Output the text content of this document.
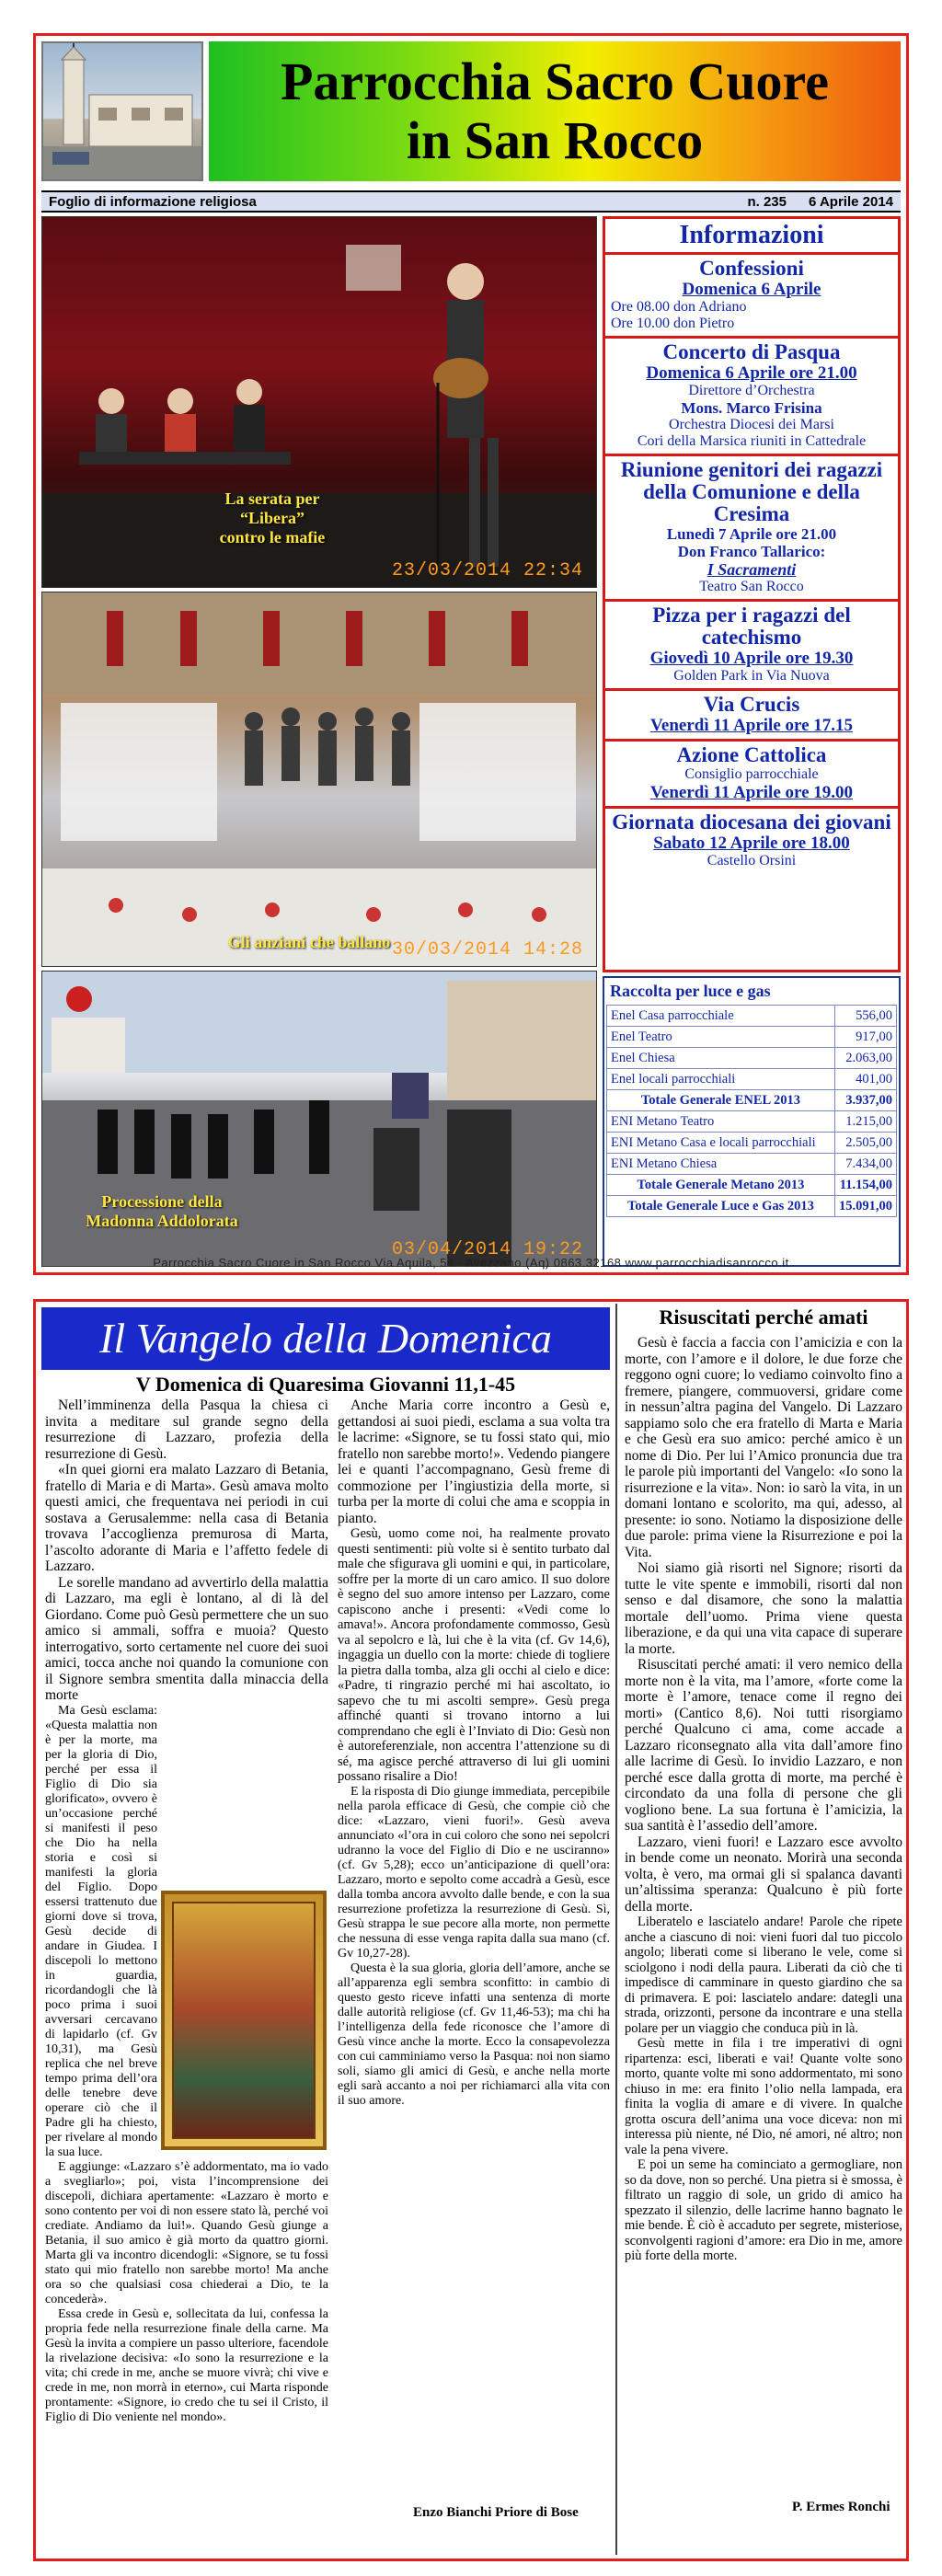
Parrocchia Sacro Cuore
in San Rocco
Foglio di informazione religiosa	n. 235 6 Aprile 2014
La serata per
“Libera”
contro le mafie
23/03/2014 22:34
Gli anziani che ballano 30/03/2014 14:28
Processione della
Madonna Addolorata
03/04/2014 19:22
Informazioni
Confessioni
Domenica 6 Aprile
Ore 08.00 don Adriano
Ore 10.00 don Pietro
Concerto di Pasqua
Domenica 6 Aprile ore 21.00
Direttore d’Orchestra
Mons. Marco Frisina
Orchestra Diocesi dei Marsi
Cori della Marsica riuniti in Cattedrale
Riunione genitori dei ragazzi della Comunione e della Cresima
Lunedì 7 Aprile ore 21.00
Don Franco Tallarico:
I Sacramenti
Teatro San Rocco
Pizza per i ragazzi del catechismo
Giovedì 10 Aprile ore 19.30
Golden Park in Via Nuova
Via Crucis
Venerdì 11 Aprile ore 17.15
Azione Cattolica
Consiglio parrocchiale
Venerdì 11 Aprile ore 19.00
Giornata diocesana dei giovani
Sabato 12 Aprile ore 18.00
Castello Orsini
Raccolta per luce e gas
Enel Casa parrocchiale	556,00
Enel Teatro	917,00
Enel Chiesa	2.063,00
Enel locali parrocchiali	401,00
Totale Generale ENEL 2013	3.937,00
ENI Metano Teatro	1.215,00
ENI Metano Casa e locali parrocchiali	2.505,00
ENI Metano Chiesa	7.434,00
Totale Generale Metano 2013	11.154,00
Totale Generale Luce e Gas 2013	15.091,00
Parrocchia Sacro Cuore in San Rocco Via Aquila, 54 - Avezzano (Aq) 0863.32168 www.parrocchiadisanrocco.it
Il Vangelo della Domenica
V Domenica di Quaresima Giovanni 11,1-45

Nell’imminenza della Pasqua la chiesa ci invita a meditare sul grande segno della resurrezione di Lazzaro, profezia della resurrezione di Gesù.

«In quei giorni era malato Lazzaro di Betania, fratello di Maria e di Marta». Gesù amava molto questi amici, che frequentava nei periodi in cui sostava a Gerusalemme: nella casa di Betania trovava l’accoglienza premurosa di Marta, l’ascolto adorante di Maria e l’affetto fedele di Lazzaro.

Le sorelle mandano ad avvertirlo della malattia di Lazzaro, ma egli è lontano, al di là del Giordano. Come può Gesù permettere che un suo amico si ammali, soffra e muoia? Questo interrogativo, sorto certamente nel cuore dei suoi amici, tocca anche noi quando la comunione con il Signore sembra smentita dalla minaccia della morte

Ma Gesù esclama: «Questa malattia non è per la morte, ma per la gloria di Dio, perché per essa il Figlio di Dio sia glorificato», ovvero è un’occasione perché si manifesti il peso che Dio ha nella storia e così si manifesti la gloria del Figlio. Dopo essersi trattenuto due giorni dove si trova, Gesù decide di andare in Giudea. I discepoli lo mettono in guardia, ricordandogli che là poco prima i suoi avversari cercavano di lapidarlo (cf. Gv 10,31), ma Gesù replica che nel breve tempo prima dell’ora delle tenebre deve operare ciò che il Padre gli ha chiesto, per rivelare al mondo la sua luce.

E aggiunge: «Lazzaro s’è addormentato, ma io vado a svegliarlo»; poi, vista l’incomprensione dei discepoli, dichiara apertamente: «Lazzaro è morto e sono contento per voi di non essere stato là, perché voi crediate. Andiamo da lui!». Quando Gesù giunge a Betania, il suo amico è già morto da quattro giorni. Marta gli va incontro dicendogli: «Signore, se tu fossi stato qui mio fratello non sarebbe morto! Ma anche ora so che qualsiasi cosa chiederai a Dio, te la concederà».

Essa crede in Gesù e, sollecitata da lui, confessa la propria fede nella resurrezione finale della carne. Ma Gesù la invita a compiere un passo ulteriore, facendole la rivelazione decisiva: «Io sono la resurrezione e la vita; chi crede in me, anche se muore vivrà; chi vive e crede in me, non morrà in eterno», cui Marta risponde prontamente: «Signore, io credo che tu sei il Cristo, il Figlio di Dio veniente nel mondo».

Anche Maria corre incontro a Gesù e, gettandosi ai suoi piedi, esclama a sua volta tra le lacrime: «Signore, se tu fossi stato qui, mio fratello non sarebbe morto!». Vedendo piangere lei e quanti l’accompagnano, Gesù freme di commozione per l’ingiustizia della morte, si turba per la morte di colui che ama e scoppia in pianto.

Gesù, uomo come noi, ha realmente provato questi sentimenti: più volte si è sentito turbato dal male che sfigurava gli uomini e qui, in particolare, soffre per la morte di un caro amico. Il suo dolore è segno del suo amore intenso per Lazzaro, come capiscono anche i presenti: «Vedi come lo amava!». Ancora profondamente commosso, Gesù va al sepolcro e là, lui che è la vita (cf. Gv 14,6), ingaggia un duello con la morte: chiede di togliere la pietra dalla tomba, alza gli occhi al cielo e dice: «Padre, ti ringrazio perché mi hai ascoltato, io sapevo che tu mi ascolti sempre». Gesù prega affinché quanti si trovano intorno a lui comprendano che egli è l’Inviato di Dio: Gesù non è autoreferenziale, non accentra l’attenzione su di sé, ma agisce perché attraverso di lui gli uomini possano risalire a Dio!

E la risposta di Dio giunge immediata, percepibile nella parola efficace di Gesù, che compie ciò che dice: «Lazzaro, vieni fuori!». Gesù aveva annunciato «l’ora in cui coloro che sono nei sepolcri udranno la voce del Figlio di Dio e ne usciranno» (cf. Gv 5,28); ecco un’anticipazione di quell’ora: Lazzaro, morto e sepolto come accadrà a Gesù, esce dalla tomba ancora avvolto dalle bende, e con la sua resurrezione profetizza la resurrezione di Gesù. Sì, Gesù strappa le sue pecore alla morte, non permette che nessuna di esse venga rapita dalla sua mano (cf. Gv 10,27-28).

Questa è la sua gloria, gloria dell’amore, anche se all’apparenza egli sembra sconfitto: in cambio di questo gesto riceve infatti una sentenza di morte dalle autorità religiose (cf. Gv 11,46-53); ma chi ha l’intelligenza della fede riconosce che l’amore di Gesù vince anche la morte. Ecco la consapevolezza con cui camminiamo verso la Pasqua: noi non siamo soli, siamo gli amici di Gesù, e anche nella morte egli sarà accanto a noi per richiamarci alla vita con il suo amore.

Enzo Bianchi Priore di Bose
Risuscitati perché amati

Gesù è faccia a faccia con l’amicizia e con la morte, con l’amore e il dolore, le due forze che reggono ogni cuore; lo vediamo coinvolto fino a fremere, piangere, commuoversi, gridare come in nessun’altra pagina del Vangelo. Di Lazzaro sappiamo solo che era fratello di Marta e Maria e che Gesù era suo amico: perché amico è un nome di Dio. Per lui l’Amico pronuncia due tra le parole più importanti del Vangelo: «Io sono la risurrezione e la vita». Non: io sarò la vita, in un domani lontano e scolorito, ma qui, adesso, al presente: io sono. Notiamo la disposizione delle due parole: prima viene la Risurrezione e poi la Vita.

Noi siamo già risorti nel Signore; risorti da tutte le vite spente e immobili, risorti dal non senso e dal disamore, che sono la malattia mortale dell’uomo. Prima viene questa liberazione, e da qui una vita capace di superare la morte.

Risuscitati perché amati: il vero nemico della morte non è la vita, ma l’amore, «forte come la morte è l’amore, tenace come il regno dei morti» (Cantico 8,6). Noi tutti risorgiamo perché Qualcuno ci ama, come accade a Lazzaro riconsegnato alla vita dall’amore fino alle lacrime di Gesù. Io invidio Lazzaro, e non perché esce dalla grotta di morte, ma perché è circondato da una folla di persone che gli vogliono bene. La sua fortuna è l’amicizia, la sua santità è l’assedio dell’amore.

Lazzaro, vieni fuori! e Lazzaro esce avvolto in bende come un neonato. Morirà una seconda volta, è vero, ma ormai gli si spalanca davanti un’altissima speranza: Qualcuno è più forte della morte.

Liberatelo e lasciatelo andare! Parole che ripete anche a ciascuno di noi: vieni fuori dal tuo piccolo angolo; liberati come si liberano le vele, come si sciolgono i nodi della paura. Liberati da ciò che ti impedisce di camminare in questo giardino che sa di primavera. E poi: lasciatelo andare: dategli una strada, orizzonti, persone da incontrare e una stella polare per un viaggio che conduca più in là.

Gesù mette in fila i tre imperativi di ogni ripartenza: esci, liberati e vai! Quante volte sono morto, quante volte mi sono addormentato, mi sono chiuso in me: era finito l’olio nella lampada, era finita la voglia di amare e di vivere. In qualche grotta oscura dell’anima una voce diceva: non mi interessa più niente, né Dio, né amori, né altro; non vale la pena vivere.

E poi un seme ha cominciato a germogliare, non so da dove, non so perché. Una pietra si è smossa, è filtrato un raggio di sole, un grido di amico ha spezzato il silenzio, delle lacrime hanno bagnato le mie bende. È ciò è accaduto per segrete, misteriose, sconvolgenti ragioni d’amore: era Dio in me, amore più forte della morte.

P. Ermes Ronchi
